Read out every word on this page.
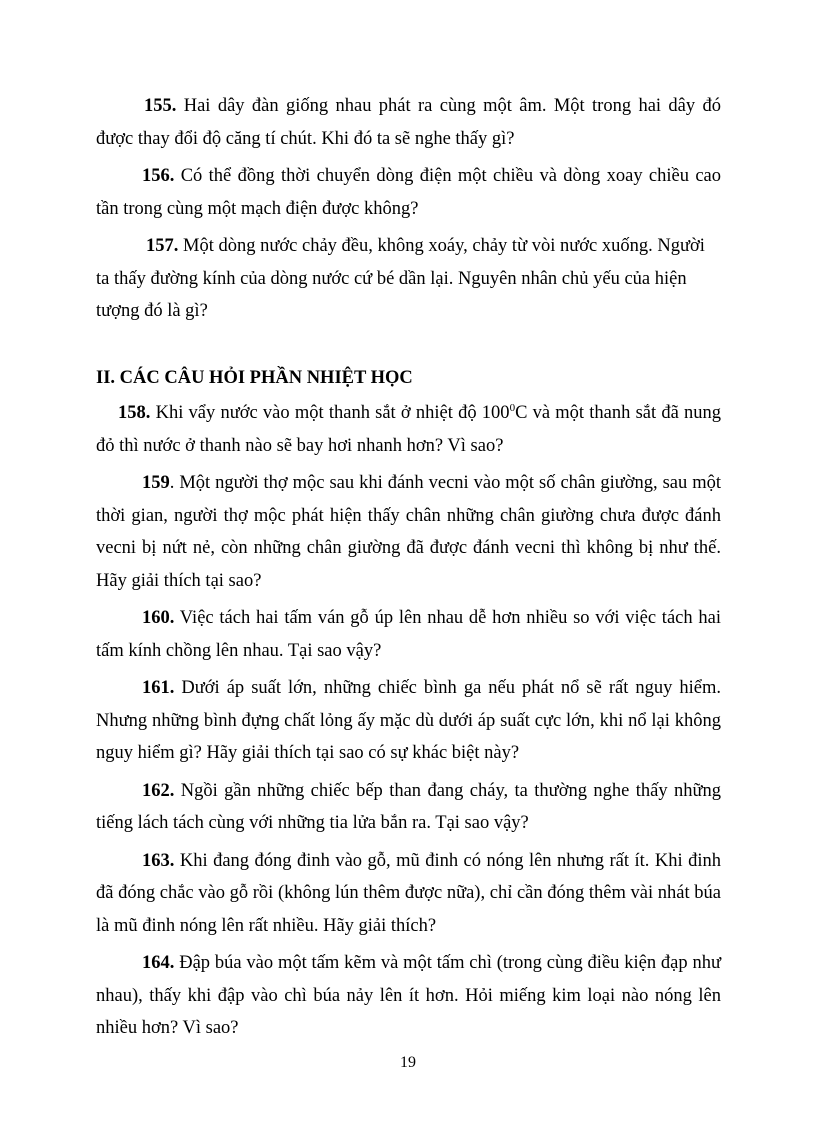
155. Hai dây đàn giống nhau phát ra cùng một âm. Một trong hai dây đó được thay đổi độ căng tí chút. Khi đó ta sẽ nghe thấy gì?

156. Có thể đồng thời chuyển dòng điện một chiều và dòng xoay chiều cao tần trong cùng một mạch điện được không?

157. Một dòng nước chảy đều, không xoáy, chảy từ vòi nước xuống. Người ta thấy đường kính của dòng nước cứ bé dần lại. Nguyên nhân chủ yếu của hiện tượng đó là gì?

II. CÁC CÂU HỎI PHẦN NHIỆT HỌC

158. Khi vẩy nước vào một thanh sắt ở nhiệt độ $100^0C$ và một thanh sắt đã nung đỏ thì nước ở thanh nào sẽ bay hơi nhanh hơn? Vì sao?

159. Một người thợ mộc sau khi đánh vecni vào một số chân giường, sau một thời gian, người thợ mộc phát hiện thấy chân những chân giường chưa được đánh vecni bị nứt nẻ, còn những chân giường đã được đánh vecni thì không bị như thế. Hãy giải thích tại sao?

160. Việc tách hai tấm ván gỗ úp lên nhau dễ hơn nhiều so với việc tách hai tấm kính chồng lên nhau. Tại sao vậy?

161. Dưới áp suất lớn, những chiếc bình ga nếu phát nổ sẽ rất nguy hiểm. Nhưng những bình đựng chất lỏng ấy mặc dù dưới áp suất cực lớn, khi nổ lại không nguy hiểm gì? Hãy giải thích tại sao có sự khác biệt này?

162. Ngồi gần những chiếc bếp than đang cháy, ta thường nghe thấy những tiếng lách tách cùng với những tia lửa bắn ra. Tại sao vậy?

163. Khi đang đóng đinh vào gỗ, mũ đinh có nóng lên nhưng rất ít. Khi đinh đã đóng chắc vào gỗ rồi (không lún thêm được nữa), chỉ cần đóng thêm vài nhát búa là mũ đinh nóng lên rất nhiều. Hãy giải thích?

164. Đập búa vào một tấm kẽm và một tấm chì (trong cùng điều kiện đạp như nhau), thấy khi đập vào chì búa nảy lên ít hơn. Hỏi miếng kim loại nào nóng lên nhiều hơn? Vì sao?

19
